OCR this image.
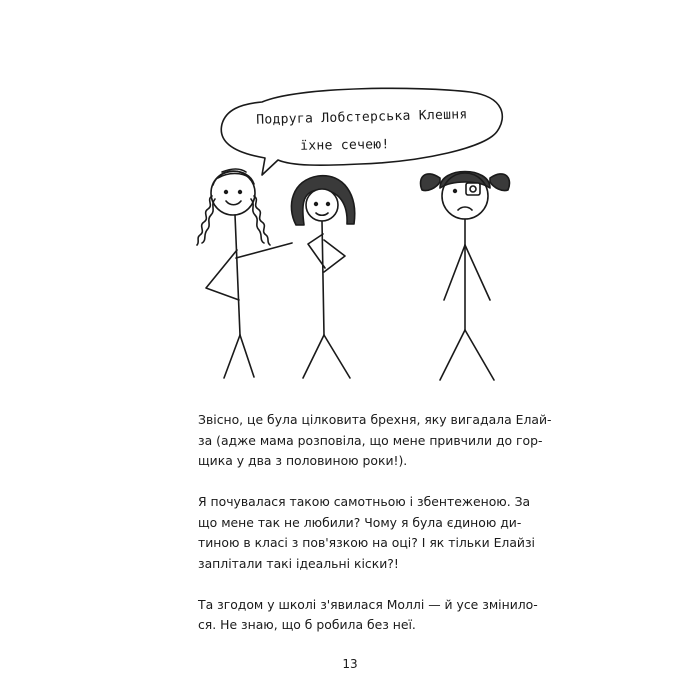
Подруга Лобстерська Клешня
їхне сечею!

Звісно, це була цілковита брехня, яку вигадала Елай-
за (адже мама розповіла, що мене привчили до гор-
щика у два з половиною роки!).

Я почувалася такою самотньою і збентеженою. За
що мене так не любили? Чому я була єдиною ди-
тиною в класі з пов'язкою на оці? І як тільки Елайзі
заплітали такі ідеальні кіски?!

Та згодом у школі з'явилася Моллі — й усе змінило-
ся. Не знаю, що б робила без неї.

13
